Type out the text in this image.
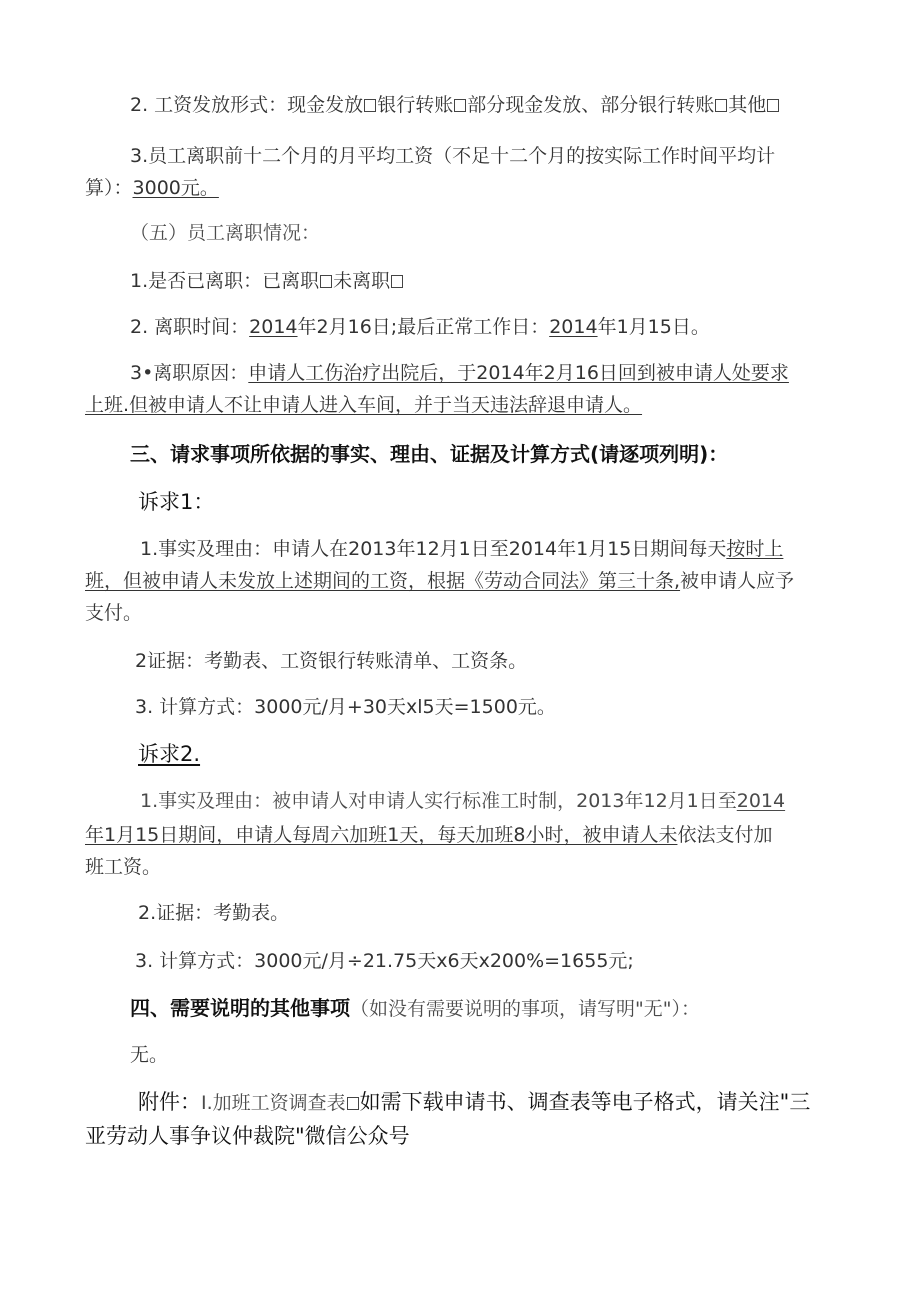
2. 工资发放形式：现金发放 银行转账 部分现金发放、部分银行转账 其他
3.员工离职前十二个月的月平均工资（不足十二个月的按实际工作时间平均计
算）：3000元。
（五）员工离职情况：
1.是否已离职：已离职 未离职
2. 离职时间：2014年2月16日;最后正常工作日：2014年1月15日。
3•离职原因：申请人工伤治疗出院后，于2014年2月16日回到被申请人处要求
上班.但被申请人不让申请人进入车间，并于当天违法辞退申请人。
三、请求事项所依据的事实、理由、证据及计算方式(请逐项列明)：
诉求1：
1.事实及理由：申请人在2013年12月1日至2014年1月15日期间每天按时上
班，但被申请人未发放上述期间的工资，根据《劳动合同法》第三十条,被申请人应予
支付。
2证据：考勤表、工资银行转账清单、工资条。
3. 计算方式：3000元/月+30天xl5天=1500元。
诉求2.
1.事实及理由：被申请人对申请人实行标准工时制，2013年12月1日至2014
年1月15日期间，申请人每周六加班1天，每天加班8小时，被申请人未依法支付加
班工资。
2.证据：考勤表。
3. 计算方式：3000元/月÷21.75天x6天x200%=1655元;
四、需要说明的其他事项（如没有需要说明的事项，请写明"无"）：
无。
附件：I.加班工资调查表 如需下载申请书、调查表等电子格式，请关注"三
亚劳动人事争议仲裁院"微信公众号
